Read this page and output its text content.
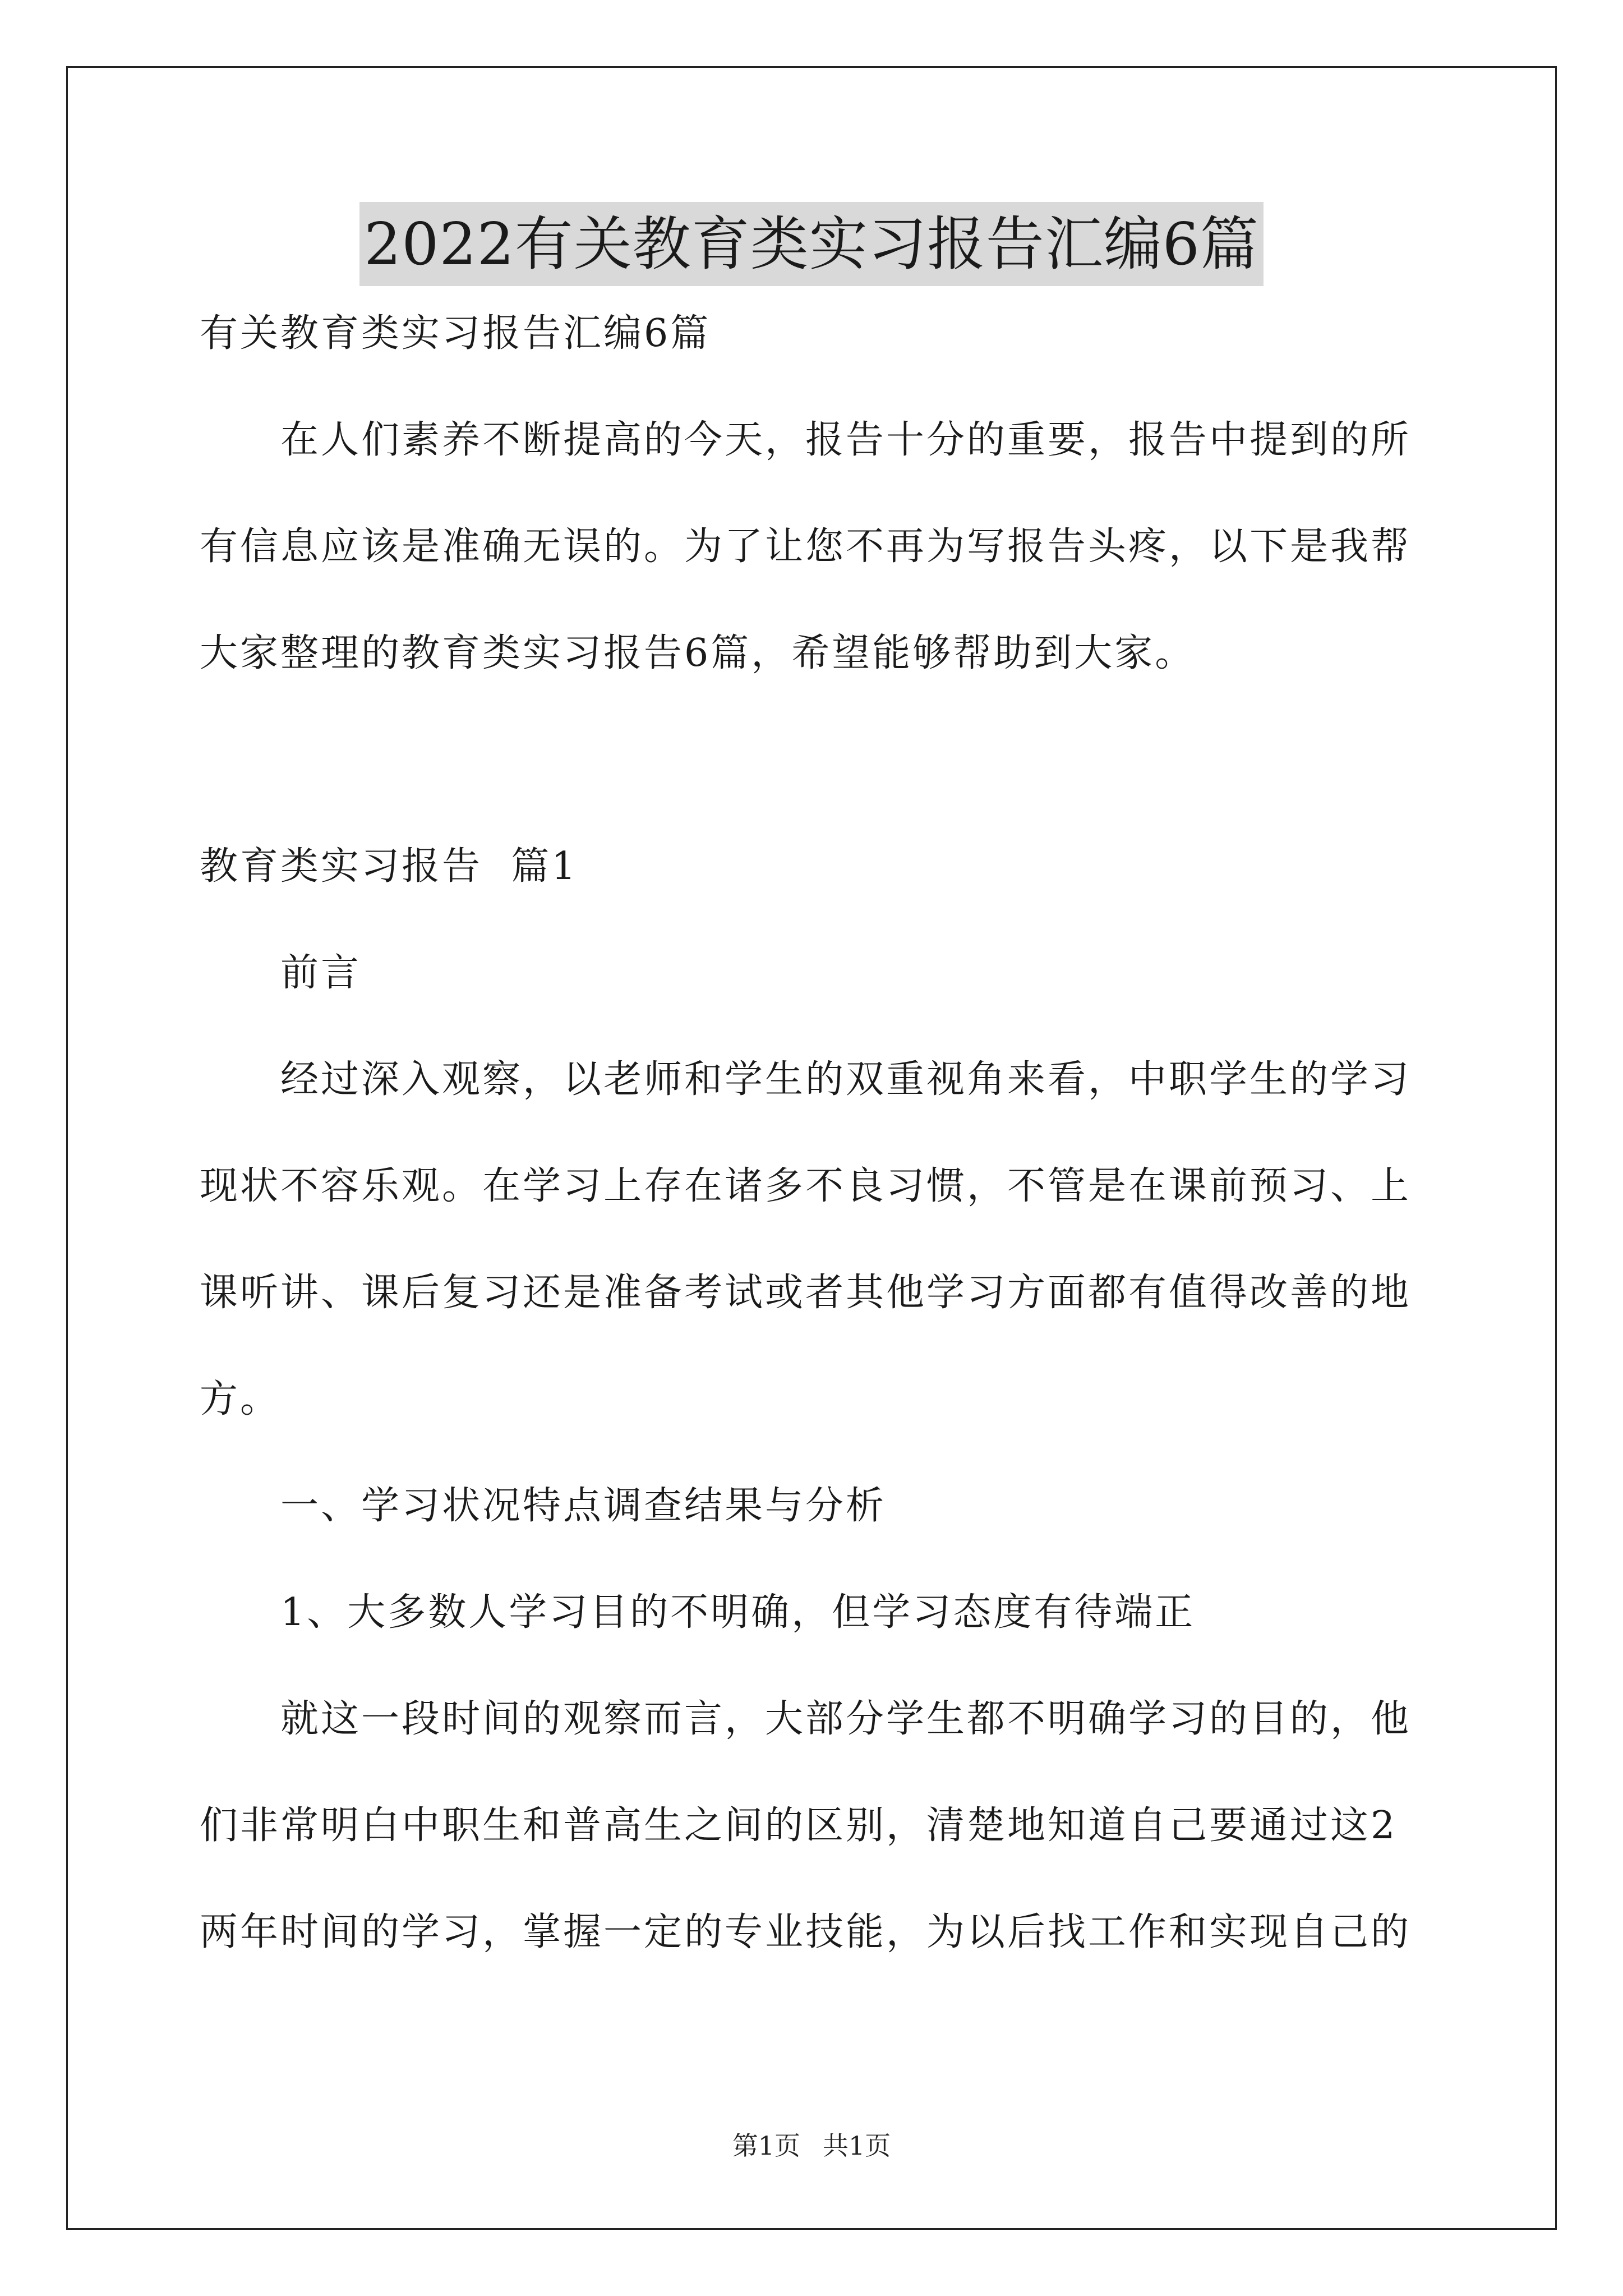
2022有关教育类实习报告汇编6篇

有关教育类实习报告汇编6篇

在人们素养不断提高的今天，报告十分的重要，报告中提到的所

有信息应该是准确无误的。为了让您不再为写报告头疼，以下是我帮

大家整理的教育类实习报告6篇，希望能够帮助到大家。

教育类实习报告  篇1

前言

经过深入观察，以老师和学生的双重视角来看，中职学生的学习

现状不容乐观。在学习上存在诸多不良习惯，不管是在课前预习、上

课听讲、课后复习还是准备考试或者其他学习方面都有值得改善的地

方。

一、学习状况特点调查结果与分析

1、大多数人学习目的不明确，但学习态度有待端正

就这一段时间的观察而言，大部分学生都不明确学习的目的，他

们非常明白中职生和普高生之间的区别，清楚地知道自己要通过这2

两年时间的学习，掌握一定的专业技能，为以后找工作和实现自己的

第1页 共1页
